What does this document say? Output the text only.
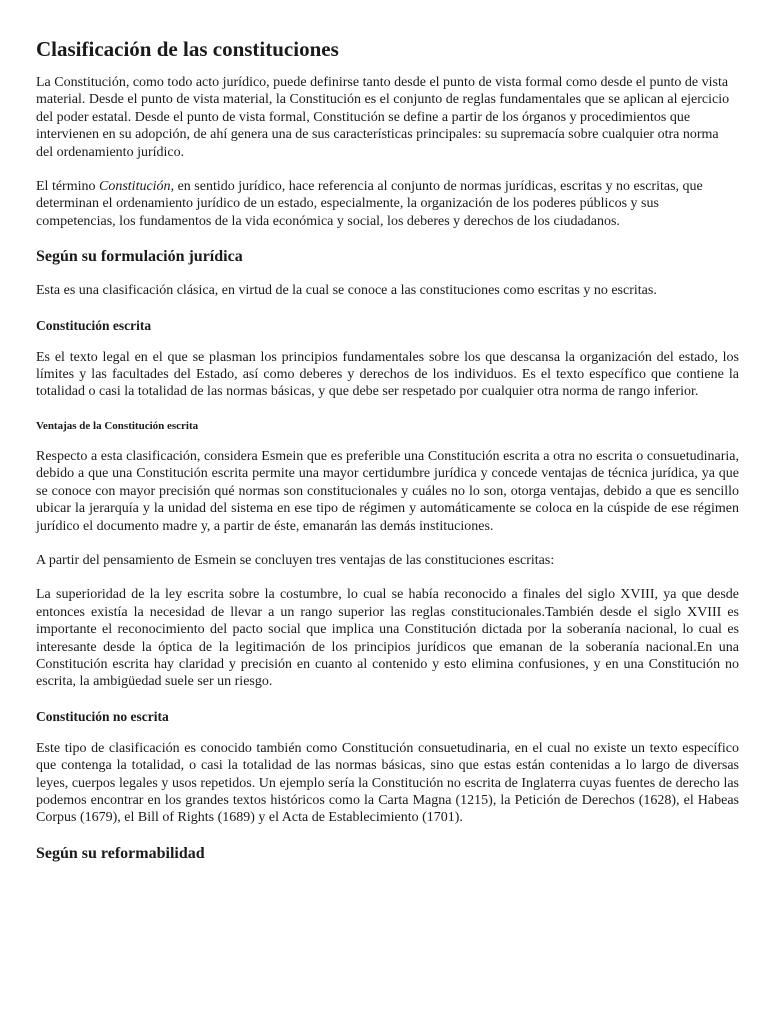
Clasificación de las constituciones

La Constitución, como todo acto jurídico, puede definirse tanto desde el punto de vista formal como desde el punto de vista material. Desde el punto de vista material, la Constitución es el conjunto de reglas fundamentales que se aplican al ejercicio del poder estatal. Desde el punto de vista formal, Constitución se define a partir de los órganos y procedimientos que intervienen en su adopción, de ahí genera una de sus características principales: su supremacía sobre cualquier otra norma del ordenamiento jurídico.

El término Constitución, en sentido jurídico, hace referencia al conjunto de normas jurídicas, escritas y no escritas, que determinan el ordenamiento jurídico de un estado, especialmente, la organización de los poderes públicos y sus competencias, los fundamentos de la vida económica y social, los deberes y derechos de los ciudadanos.

Según su formulación jurídica

Esta es una clasificación clásica, en virtud de la cual se conoce a las constituciones como escritas y no escritas.

Constitución escrita

Es el texto legal en el que se plasman los principios fundamentales sobre los que descansa la organización del estado, los límites y las facultades del Estado, así como deberes y derechos de los individuos. Es el texto específico que contiene la totalidad o casi la totalidad de las normas básicas, y que debe ser respetado por cualquier otra norma de rango inferior.

Ventajas de la Constitución escrita

Respecto a esta clasificación, considera Esmein que es preferible una Constitución escrita a otra no escrita o consuetudinaria, debido a que una Constitución escrita permite una mayor certidumbre jurídica y concede ventajas de técnica jurídica, ya que se conoce con mayor precisión qué normas son constitucionales y cuáles no lo son, otorga ventajas, debido a que es sencillo ubicar la jerarquía y la unidad del sistema en ese tipo de régimen y automáticamente se coloca en la cúspide de ese régimen jurídico el documento madre y, a partir de éste, emanarán las demás instituciones.

A partir del pensamiento de Esmein se concluyen tres ventajas de las constituciones escritas:

La superioridad de la ley escrita sobre la costumbre, lo cual se había reconocido a finales del siglo XVIII, ya que desde entonces existía la necesidad de llevar a un rango superior las reglas constitucionales.También desde el siglo XVIII es importante el reconocimiento del pacto social que implica una Constitución dictada por la soberanía nacional, lo cual es interesante desde la óptica de la legitimación de los principios jurídicos que emanan de la soberanía nacional.En una Constitución escrita hay claridad y precisión en cuanto al contenido y esto elimina confusiones, y en una Constitución no escrita, la ambigüedad suele ser un riesgo.

Constitución no escrita

Este tipo de clasificación es conocido también como Constitución consuetudinaria, en el cual no existe un texto específico que contenga la totalidad, o casi la totalidad de las normas básicas, sino que estas están contenidas a lo largo de diversas leyes, cuerpos legales y usos repetidos. Un ejemplo sería la Constitución no escrita de Inglaterra cuyas fuentes de derecho las podemos encontrar en los grandes textos históricos como la Carta Magna (1215), la Petición de Derechos (1628), el Habeas Corpus (1679), el Bill of Rights (1689) y el Acta de Establecimiento (1701).

Según su reformabilidad
